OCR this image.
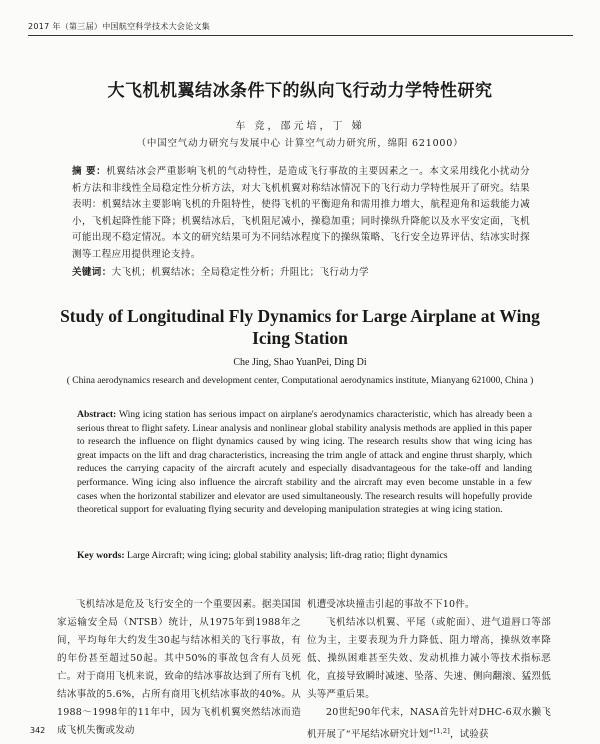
2017 年（第三届）中国航空科学技术大会论文集
大飞机机翼结冰条件下的纵向飞行动力学特性研究
车 竞，邵元培，丁 娣
（中国空气动力研究与发展中心 计算空气动力研究所，绵阳 621000）
摘 要：机翼结冰会严重影响飞机的气动特性，是造成飞行事故的主要因素之一。本文采用线化小扰动分析方法和非线性全局稳定性分析方法，对大飞机机翼对称结冰情况下的飞行动力学特性展开了研究。结果表明：机翼结冰主要影响飞机的升阻特性，使得飞机的平衡迎角和需用推力增大，航程迎角和运载能力减小，飞机起降性能下降；机翼结冰后，飞机阻尼减小，操稳加重；同时操纵升降舵以及水平安定面，飞机可能出现不稳定情况。本文的研究结果可为不同结冰程度下的操纵策略、飞行安全边界评估、结冰实时探测等工程应用提供理论支持。
关键词：大飞机；机翼结冰；全局稳定性分析；升阻比；飞行动力学
Study of Longitudinal Fly Dynamics for Large Airplane at Wing Icing Station
Che Jing, Shao YuanPei, Ding Di
( China aerodynamics research and development center, Computational aerodynamics institute, Mianyang 621000, China )
Abstract: Wing icing station has serious impact on airplane's aerodynamics characteristic, which has already been a serious threat to flight safety. Linear analysis and nonlinear global stability analysis methods are applied in this paper to research the influence on flight dynamics caused by wing icing. The research results show that wing icing has great impacts on the lift and drag characteristics, increasing the trim angle of attack and engine thrust sharply, which reduces the carrying capacity of the aircraft acutely and especially disadvantageous for the take-off and landing performance. Wing icing also influence the aircraft stability and the aircraft may even become unstable in a few cases when the horizontal stabilizer and elevator are used simultaneously. The research results will hopefully provide theoretical support for evaluating flying security and developing manipulation strategies at wing icing station.
Key words: Large Aircraft; wing icing; global stability analysis; lift-drag ratio; flight dynamics

飞机结冰是危及飞行安全的一个重要因素。据美国国家运输安全局（NTSB）统计，从1975年到1988年之间，平均每年大约发生30起与结冰相关的飞行事故，有的年份甚至超过50起。其中50%的事故包含有人员死亡。对于商用飞机来说，致命的结冰事故达到了所有飞机结冰事故的5.6%，占所有商用飞机结冰事故的40%。从1988～1998年的11年中，因为飞机机翼突然结冰而造成飞机失衡或发动

机遭受冰块撞击引起的事故不下10件。

飞机结冰以机翼、平尾（或舵面）、进气道唇口等部位为主，主要表现为升力降低、阻力增高，操纵效率降低、操纵困难甚至失效、发动机推力减小等技术指标恶化，直接导致瞬时减速、坠落、失速、侧向翻滚、猛烈低头等严重后果。

20世纪90年代末，NASA首先针对DHC-6双水獭飞机开展了“平尾结冰研究计划”[1,2]，试验获

342
